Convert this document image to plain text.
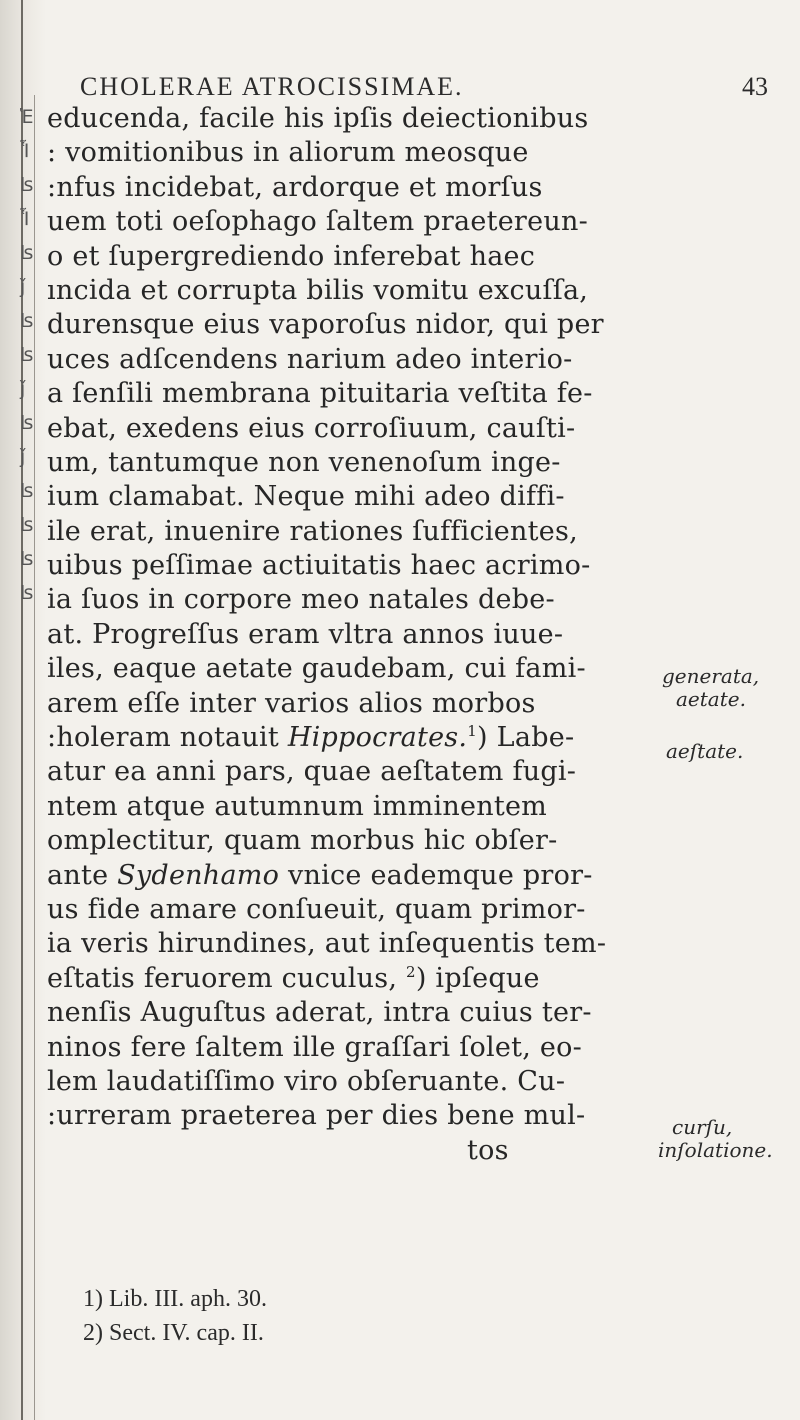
Ἑ
Ἷ
ʪ
Ἷ
ʪ
ǰ
ʪ
ʪ
ǰ
ʪ
ǰ
ʪ
ʪ
ʪ
ʪ
CHOLERAE ATROCISSIMAE.	43
educenda, facile his ipſis deiectionibus
: vomitionibus in aliorum meosque
:nfus incidebat, ardorque et morſus
uem toti oeſophago ſaltem praetereun-
o et ſupergrediendo inferebat haec
ıncida et corrupta bilis vomitu excuſſa,
durensque eius vaporoſus nidor, qui per
uces adſcendens narium adeo interio-
a ſenſili membrana pituitaria veſtita fe-
ebat, exedens eius corroſiuum, cauſti-
um, tantumque non venenoſum inge-
ium clamabat. Neque mihi adeo diffi-
ile erat, inuenire rationes ſufficientes,
uibus peſſimae actiuitatis haec acrimo-
ia ſuos in corpore meo natales debe-
at. Progreſſus eram vltra annos iuue-
iles, eaque aetate gaudebam, cui fami-
arem eſſe inter varios alios morbos
:holeram notauit Hippocrates.$^1$) Labe-
atur ea anni pars, quae aeſtatem fugi-
ntem atque autumnum imminentem
omplectitur, quam morbus hic obſer-
ante Sydenhamo vnice eademque pror-
us fide amare conſueuit, quam primor-
ia veris hirundines, aut inſequentis tem-
eſtatis feruorem cuculus, $^2$) ipſeque
nenſis Auguſtus aderat, intra cuius ter-
ninos fere ſaltem ille graſſari ſolet, eo-
lem laudatiſſimo viro obſeruante. Cu-
:urreram praeterea per dies bene mul-
tos
generata,
aetate.
aeſtate.
curſu,
inſolatione.
1) Lib. III. aph. 30.
2) Sect. IV. cap. II.
